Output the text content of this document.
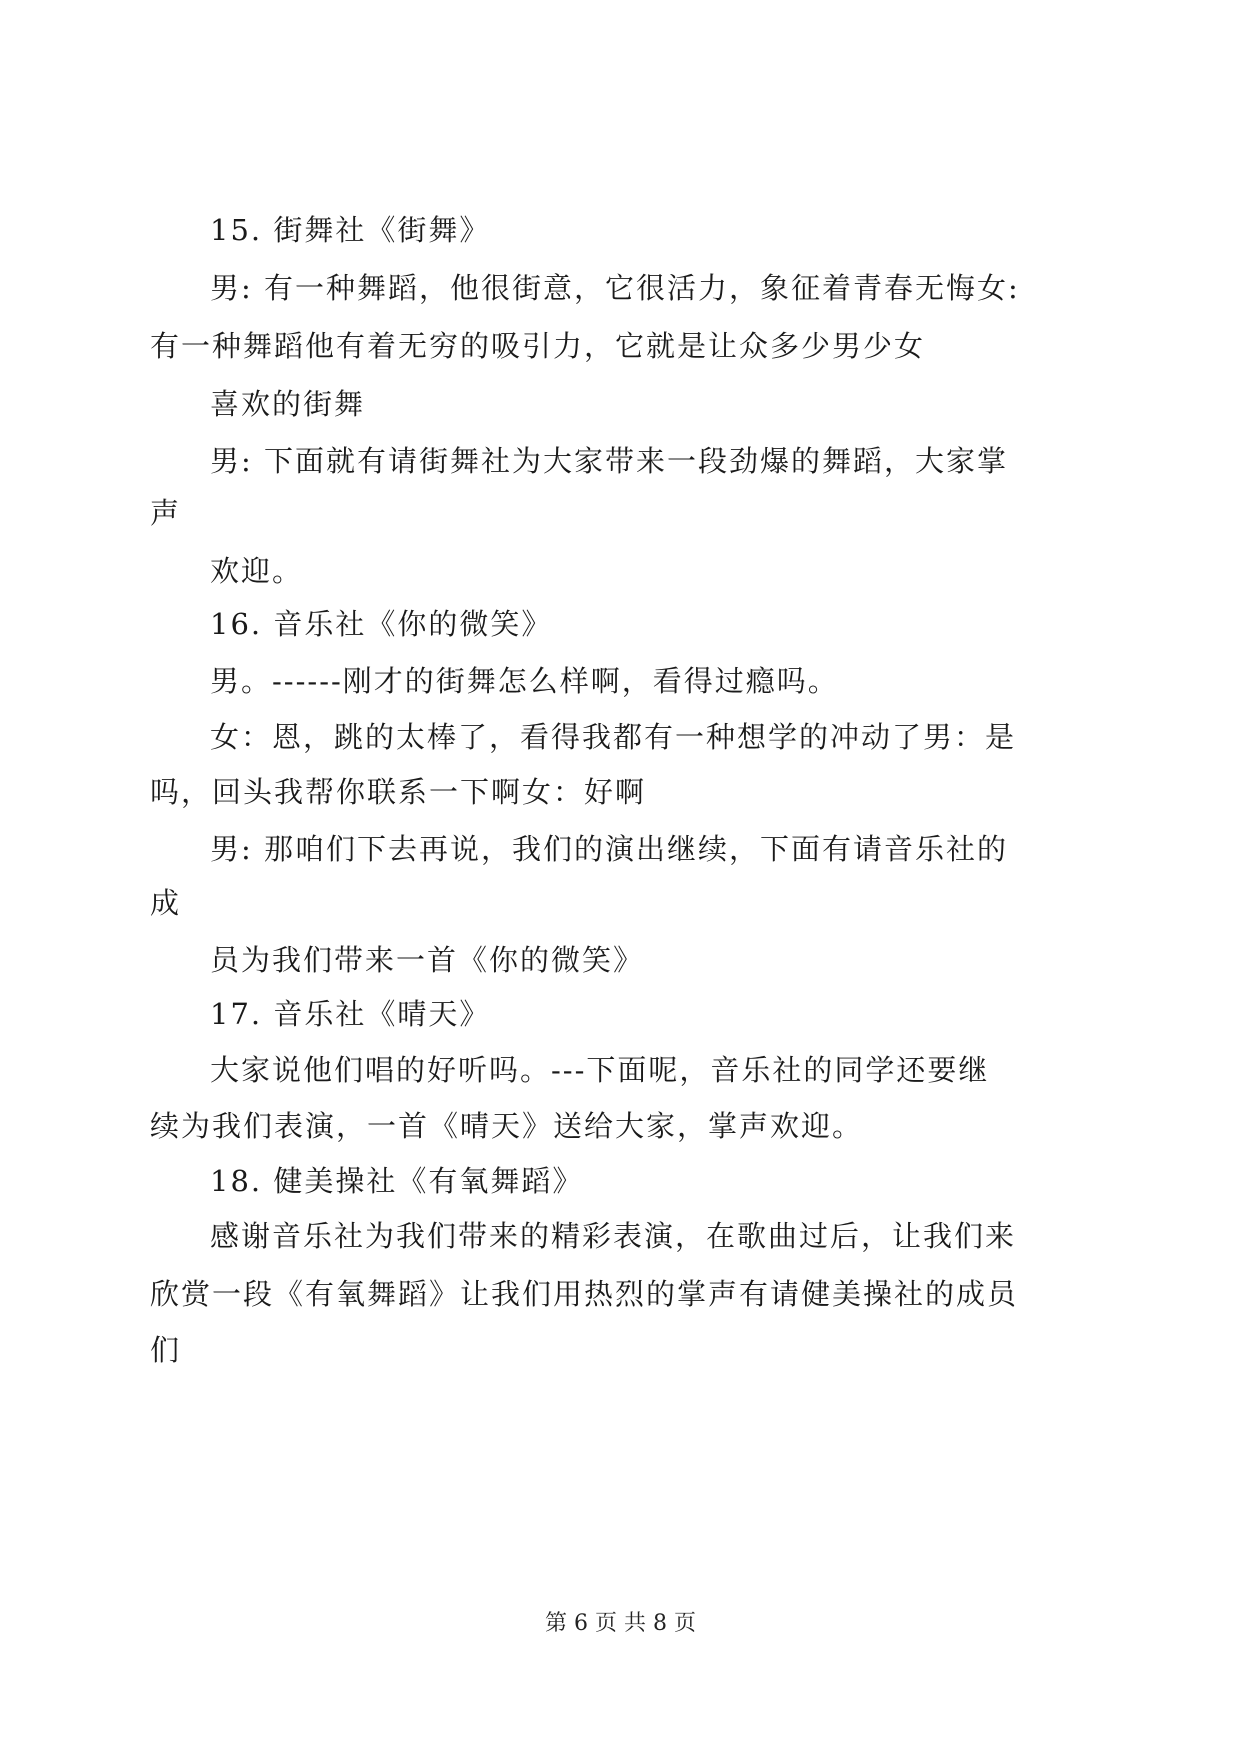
15. 街舞社《街舞》
男: 有一种舞蹈，他很街意，它很活力，象征着青春无悔女:
有一种舞蹈他有着无穷的吸引力，它就是让众多少男少女
喜欢的街舞
男: 下面就有请街舞社为大家带来一段劲爆的舞蹈，大家掌
声
欢迎。
16. 音乐社《你的微笑》
男。------刚才的街舞怎么样啊，看得过瘾吗。
女：恩，跳的太棒了，看得我都有一种想学的冲动了男：是
吗，回头我帮你联系一下啊女：好啊
男: 那咱们下去再说，我们的演出继续，下面有请音乐社的
成
员为我们带来一首《你的微笑》
17. 音乐社《晴天》
大家说他们唱的好听吗。---下面呢，音乐社的同学还要继
续为我们表演，一首《晴天》送给大家，掌声欢迎。
18. 健美操社《有氧舞蹈》
感谢音乐社为我们带来的精彩表演，在歌曲过后，让我们来
欣赏一段《有氧舞蹈》让我们用热烈的掌声有请健美操社的成员
们
第 6 页 共 8 页
